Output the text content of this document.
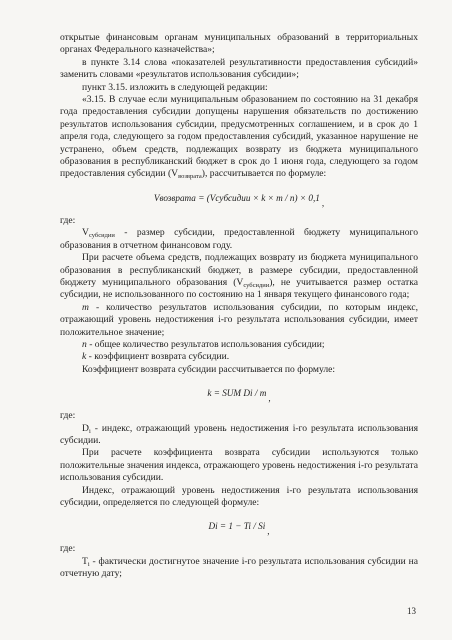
открытые финансовым органам муниципальных образований в территориальных органах Федерального казначейства»;

в пункте 3.14 слова «показателей результативности предоставления субсидий» заменить словами «результатов использования субсидии»;

пункт 3.15. изложить в следующей редакции:

«3.15. В случае если муниципальным образованием по состоянию на 31 декабря года предоставления субсидии допущены нарушения обязательств по достижению результатов использования субсидии, предусмотренных соглашением, и в срок до 1 апреля года, следующего за годом предоставления субсидий, указанное нарушение не устранено, объем средств, подлежащих возврату из бюджета муниципального образования в республиканский бюджет в срок до 1 июня года, следующего за годом предоставления субсидии $(V_{возврата})$, рассчитывается по формуле:

Vвозврата = (Vсубсидии × k × m / n) × 0,1 ,

где:

$V_{субсидии}$ - размер субсидии, предоставленной бюджету муниципального образования в отчетном финансовом году.

При расчете объема средств, подлежащих возврату из бюджета муниципального образования в республиканский бюджет, в размере субсидии, предоставленной бюджету муниципального образования $(V_{субсидии})$, не учитывается размер остатка субсидии, не использованного по состоянию на 1 января текущего финансового года;

m - количество результатов использования субсидии, по которым индекс, отражающий уровень недостижения i-го результата использования субсидии, имеет положительное значение;

n - общее количество результатов использования субсидии;

k - коэффициент возврата субсидии.

Коэффициент возврата субсидии рассчитывается по формуле:

k = SUM Di / m ,

где:

$D_i$ - индекс, отражающий уровень недостижения i-го результата использования субсидии.

При расчете коэффициента возврата субсидии используются только положительные значения индекса, отражающего уровень недостижения i-го результата использования субсидии.

Индекс, отражающий уровень недостижения i-го результата использования субсидии, определяется по следующей формуле:

Di = 1 − Ti / Si ,

где:

$T_i$ - фактически достигнутое значение i-го результата использования субсидии на отчетную дату;

13
